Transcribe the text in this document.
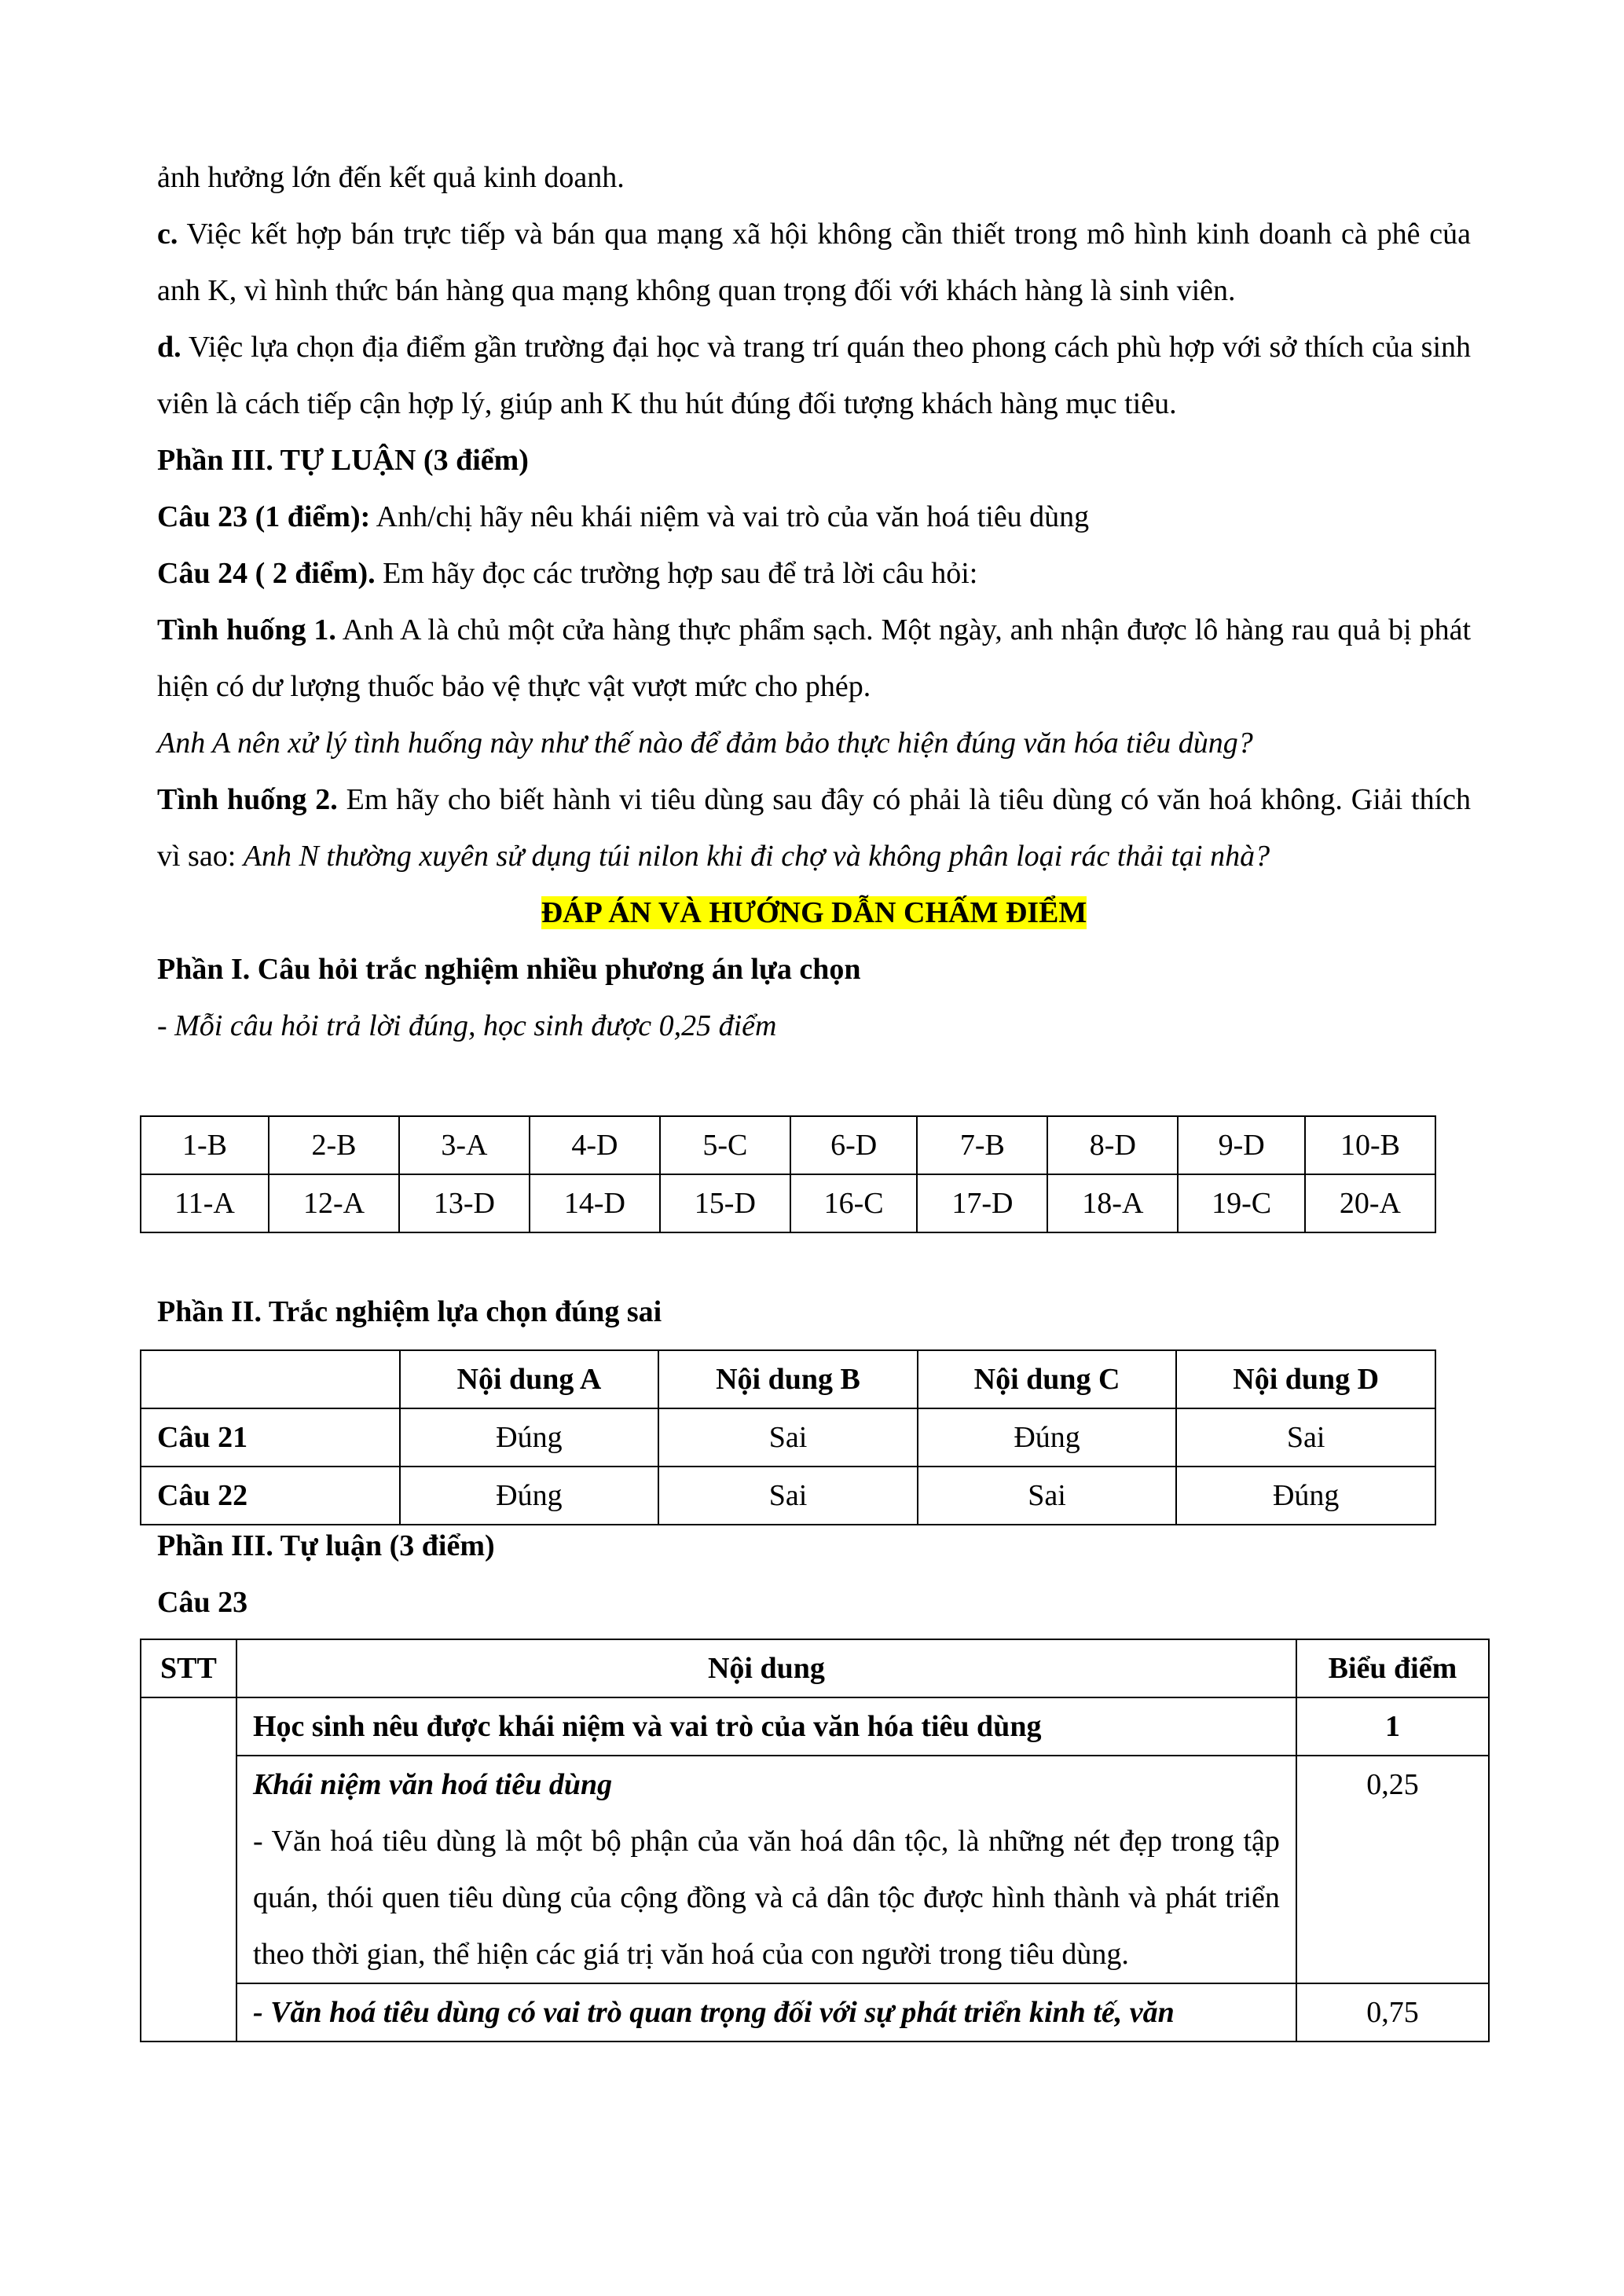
ảnh hưởng lớn đến kết quả kinh doanh.

c. Việc kết hợp bán trực tiếp và bán qua mạng xã hội không cần thiết trong mô hình kinh doanh cà phê của anh K, vì hình thức bán hàng qua mạng không quan trọng đối với khách hàng là sinh viên.

d. Việc lựa chọn địa điểm gần trường đại học và trang trí quán theo phong cách phù hợp với sở thích của sinh viên là cách tiếp cận hợp lý, giúp anh K thu hút đúng đối tượng khách hàng mục tiêu.

Phần III. TỰ LUẬN (3 điểm)

Câu 23 (1 điểm): Anh/chị hãy nêu khái niệm và vai trò của văn hoá tiêu dùng

Câu 24 ( 2 điểm). Em hãy đọc các trường hợp sau để trả lời câu hỏi:

Tình huống 1. Anh A là chủ một cửa hàng thực phẩm sạch. Một ngày, anh nhận được lô hàng rau quả bị phát hiện có dư lượng thuốc bảo vệ thực vật vượt mức cho phép.

Anh A nên xử lý tình huống này như thế nào để đảm bảo thực hiện đúng văn hóa tiêu dùng?

Tình huống 2. Em hãy cho biết hành vi tiêu dùng sau đây có phải là tiêu dùng có văn hoá không. Giải thích vì sao: Anh N thường xuyên sử dụng túi nilon khi đi chợ và không phân loại rác thải tại nhà?

ĐÁP ÁN VÀ HƯỚNG DẪN CHẤM ĐIỂM

Phần I. Câu hỏi trắc nghiệm nhiều phương án lựa chọn

- Mỗi câu hỏi trả lời đúng, học sinh được 0,25 điểm

1-B	2-B	3-A	4-D	5-C	6-D	7-B	8-D	9-D	10-B
11-A	12-A	13-D	14-D	15-D	16-C	17-D	18-A	19-C	20-A

Phần II. Trắc nghiệm lựa chọn đúng sai

	Nội dung A	Nội dung B	Nội dung C	Nội dung D
Câu 21	Đúng	Sai	Đúng	Sai
Câu 22	Đúng	Sai	Sai	Đúng

Phần III. Tự luận (3 điểm)

Câu 23

STT	Nội dung	Biểu điểm
	Học sinh nêu được khái niệm và vai trò của văn hóa tiêu dùng	1

	Khái niệm văn hoá tiêu dùng
- Văn hoá tiêu dùng là một bộ phận của văn hoá dân tộc, là những nét đẹp trong tập quán, thói quen tiêu dùng của cộng đồng và cả dân tộc được hình thành và phát triển theo thời gian, thể hiện các giá trị văn hoá của con người trong tiêu dùng.	0,25
	- Văn hoá tiêu dùng có vai trò quan trọng đối với sự phát triển kinh tế, văn	0,75
